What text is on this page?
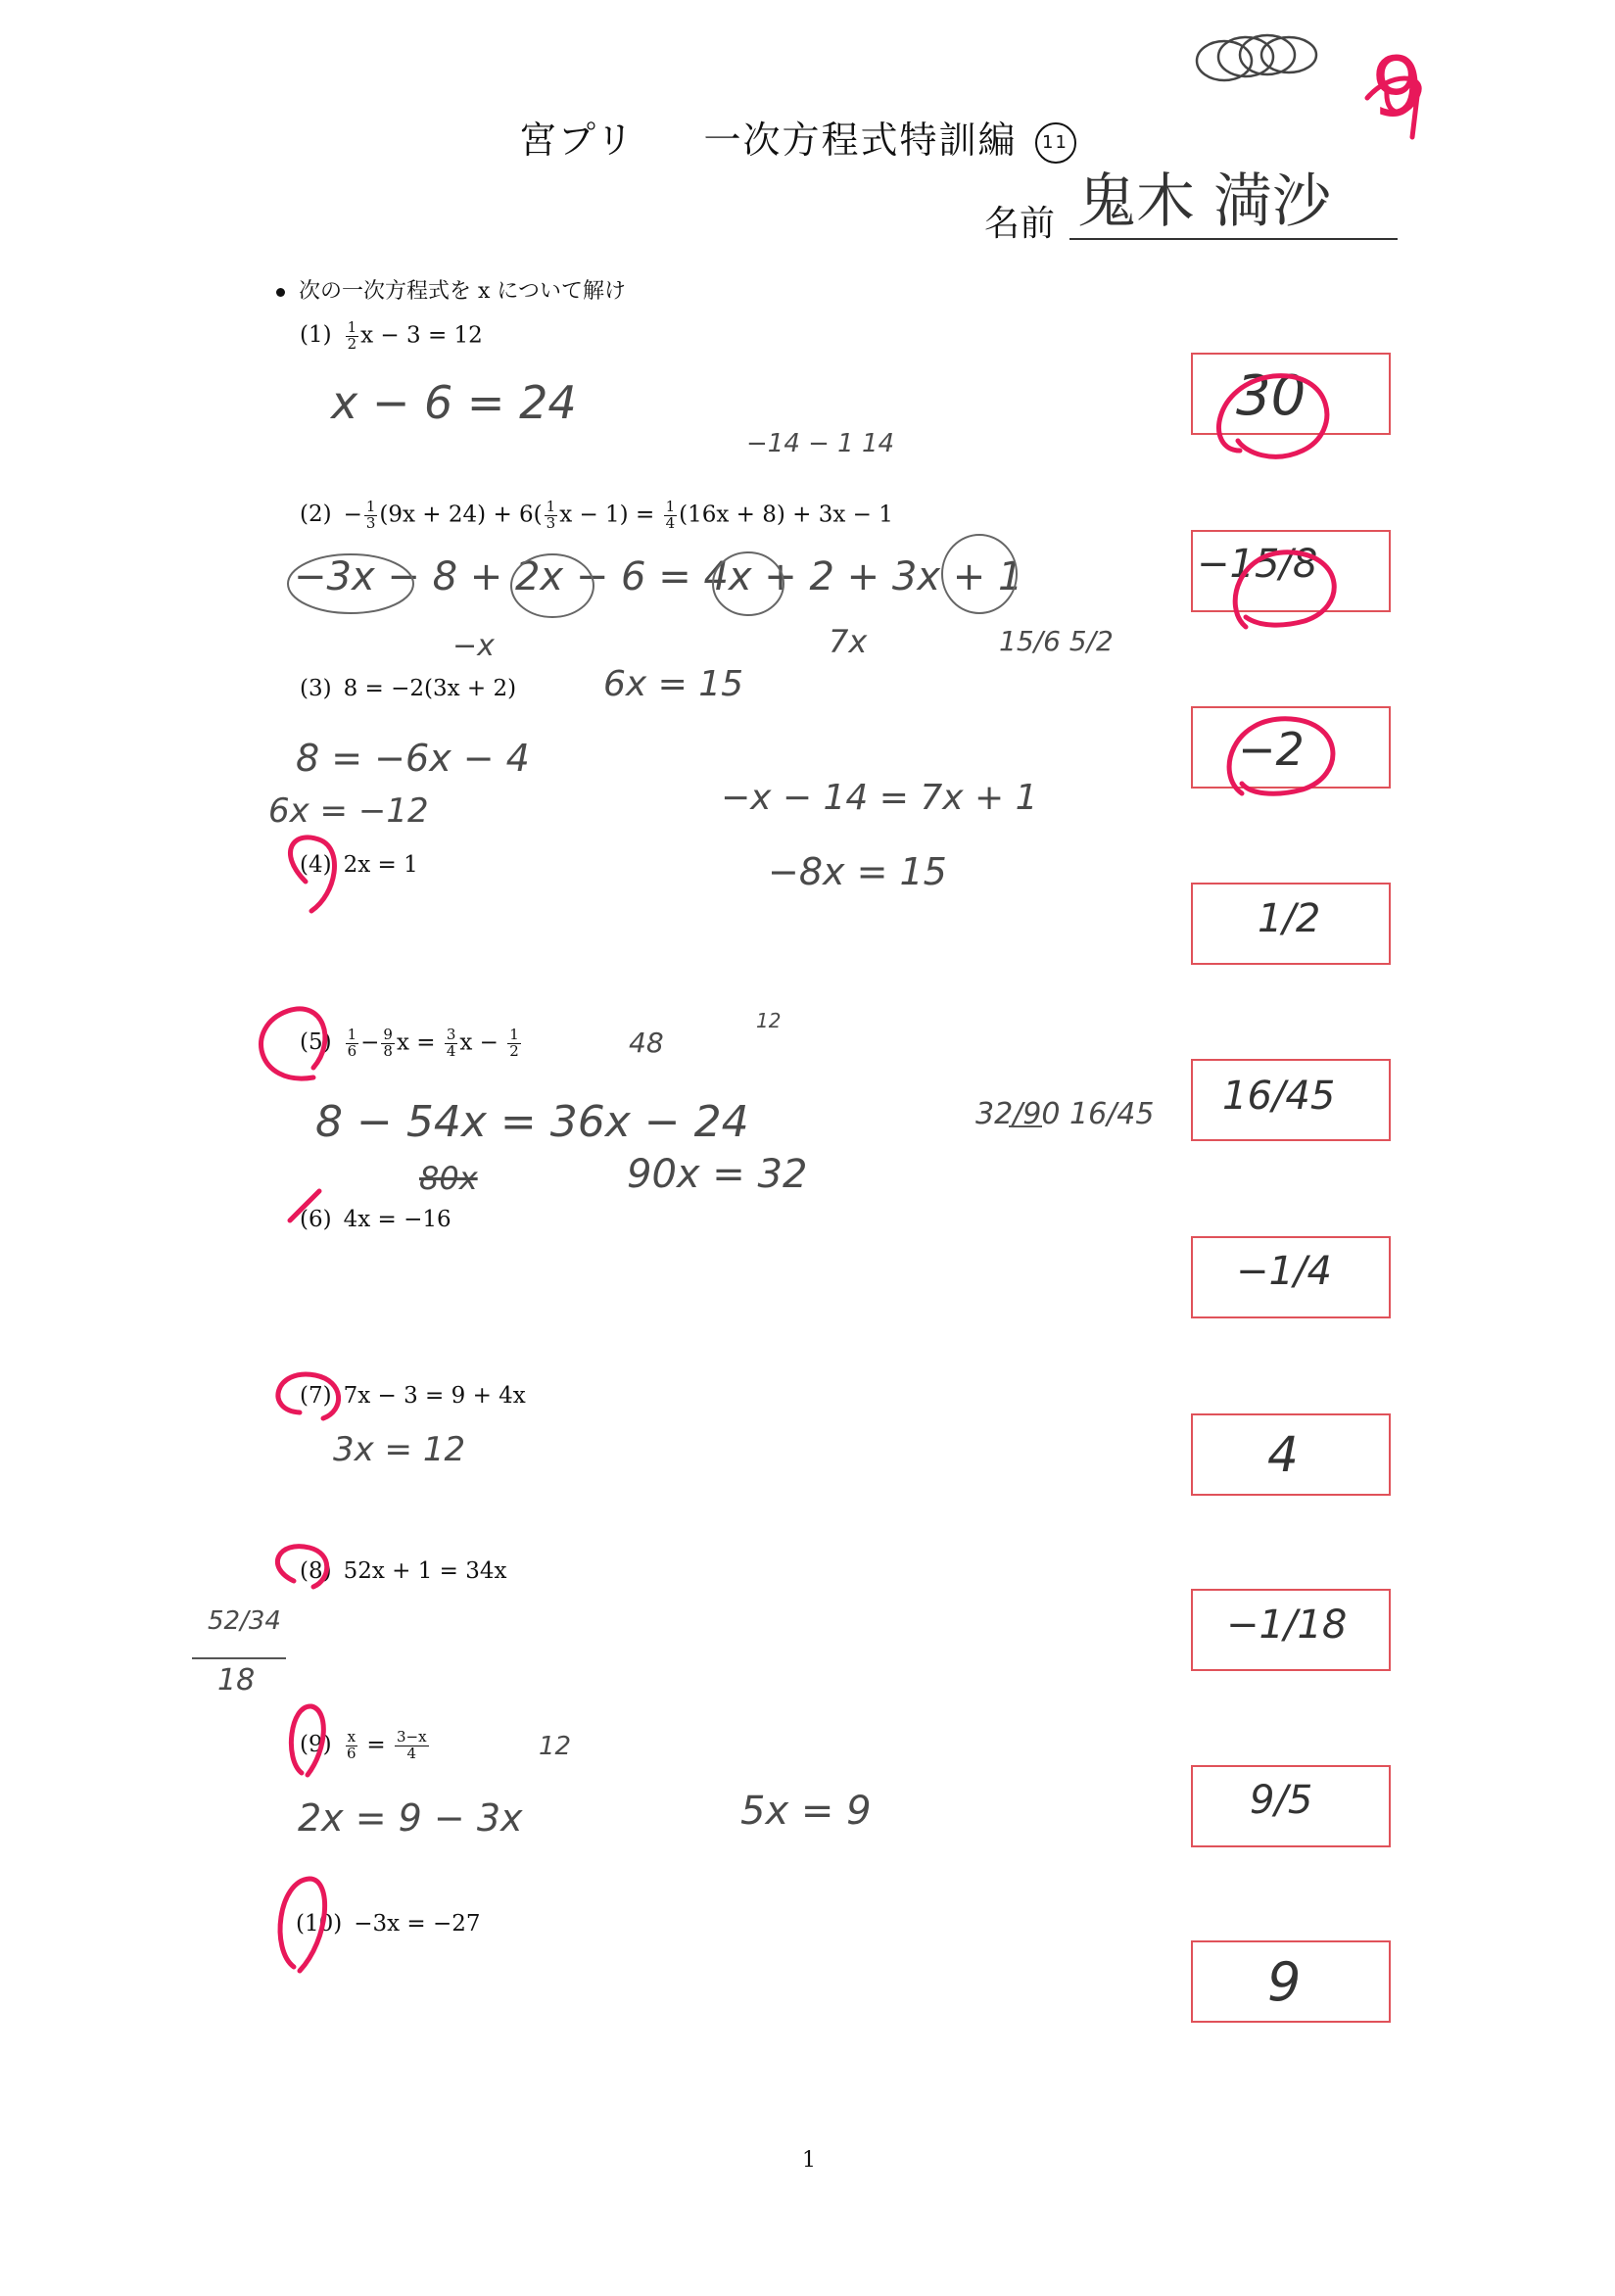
宮プリ 一次方程式特訓編 11
名前
次の一次方程式を x について解け
$(1) \frac{1}{2}$ x − 3 = 12
$(2) - \frac{1}{3} (9x + 24) + 6( \frac{1}{3}$ $x - 1) = \frac{1}{4} (16x + 8) + 3x - 1$
(3) 8 = −2(3x + 2)
(4) 2x = 1
$(5) \frac{1}{6} - \frac{9}{8}$ $x = \frac{3}{4}$ $x - \frac{1}{2}$
(6) 4x = −16
(7) 7x − 3 = 9 + 4x
(8) 52x + 1 = 34x
$(9) \frac{x}{6} = \frac{3-x}{4}$
(10) −3x = −27
30
−15/8
−2
1/2
16/45
−1/4
4
−1/18
9/5
9
鬼木 満沙
x − 6 = 24
−14 − 1 14
−3x − 8 + 2x − 6 = 4x + 2 + 3x + 1
−x	7x	15/6 5/2
6x = 15
8 = −6x − 4
6x = −12	−x − 14 = 7x + 1
−8x = 15
48
12
8 − 54x = 36x − 24
80x	90x = 32
32/90 16/45
3x = 12
52/34
18
12
2x = 9 − 3x	5x = 9
9
1
